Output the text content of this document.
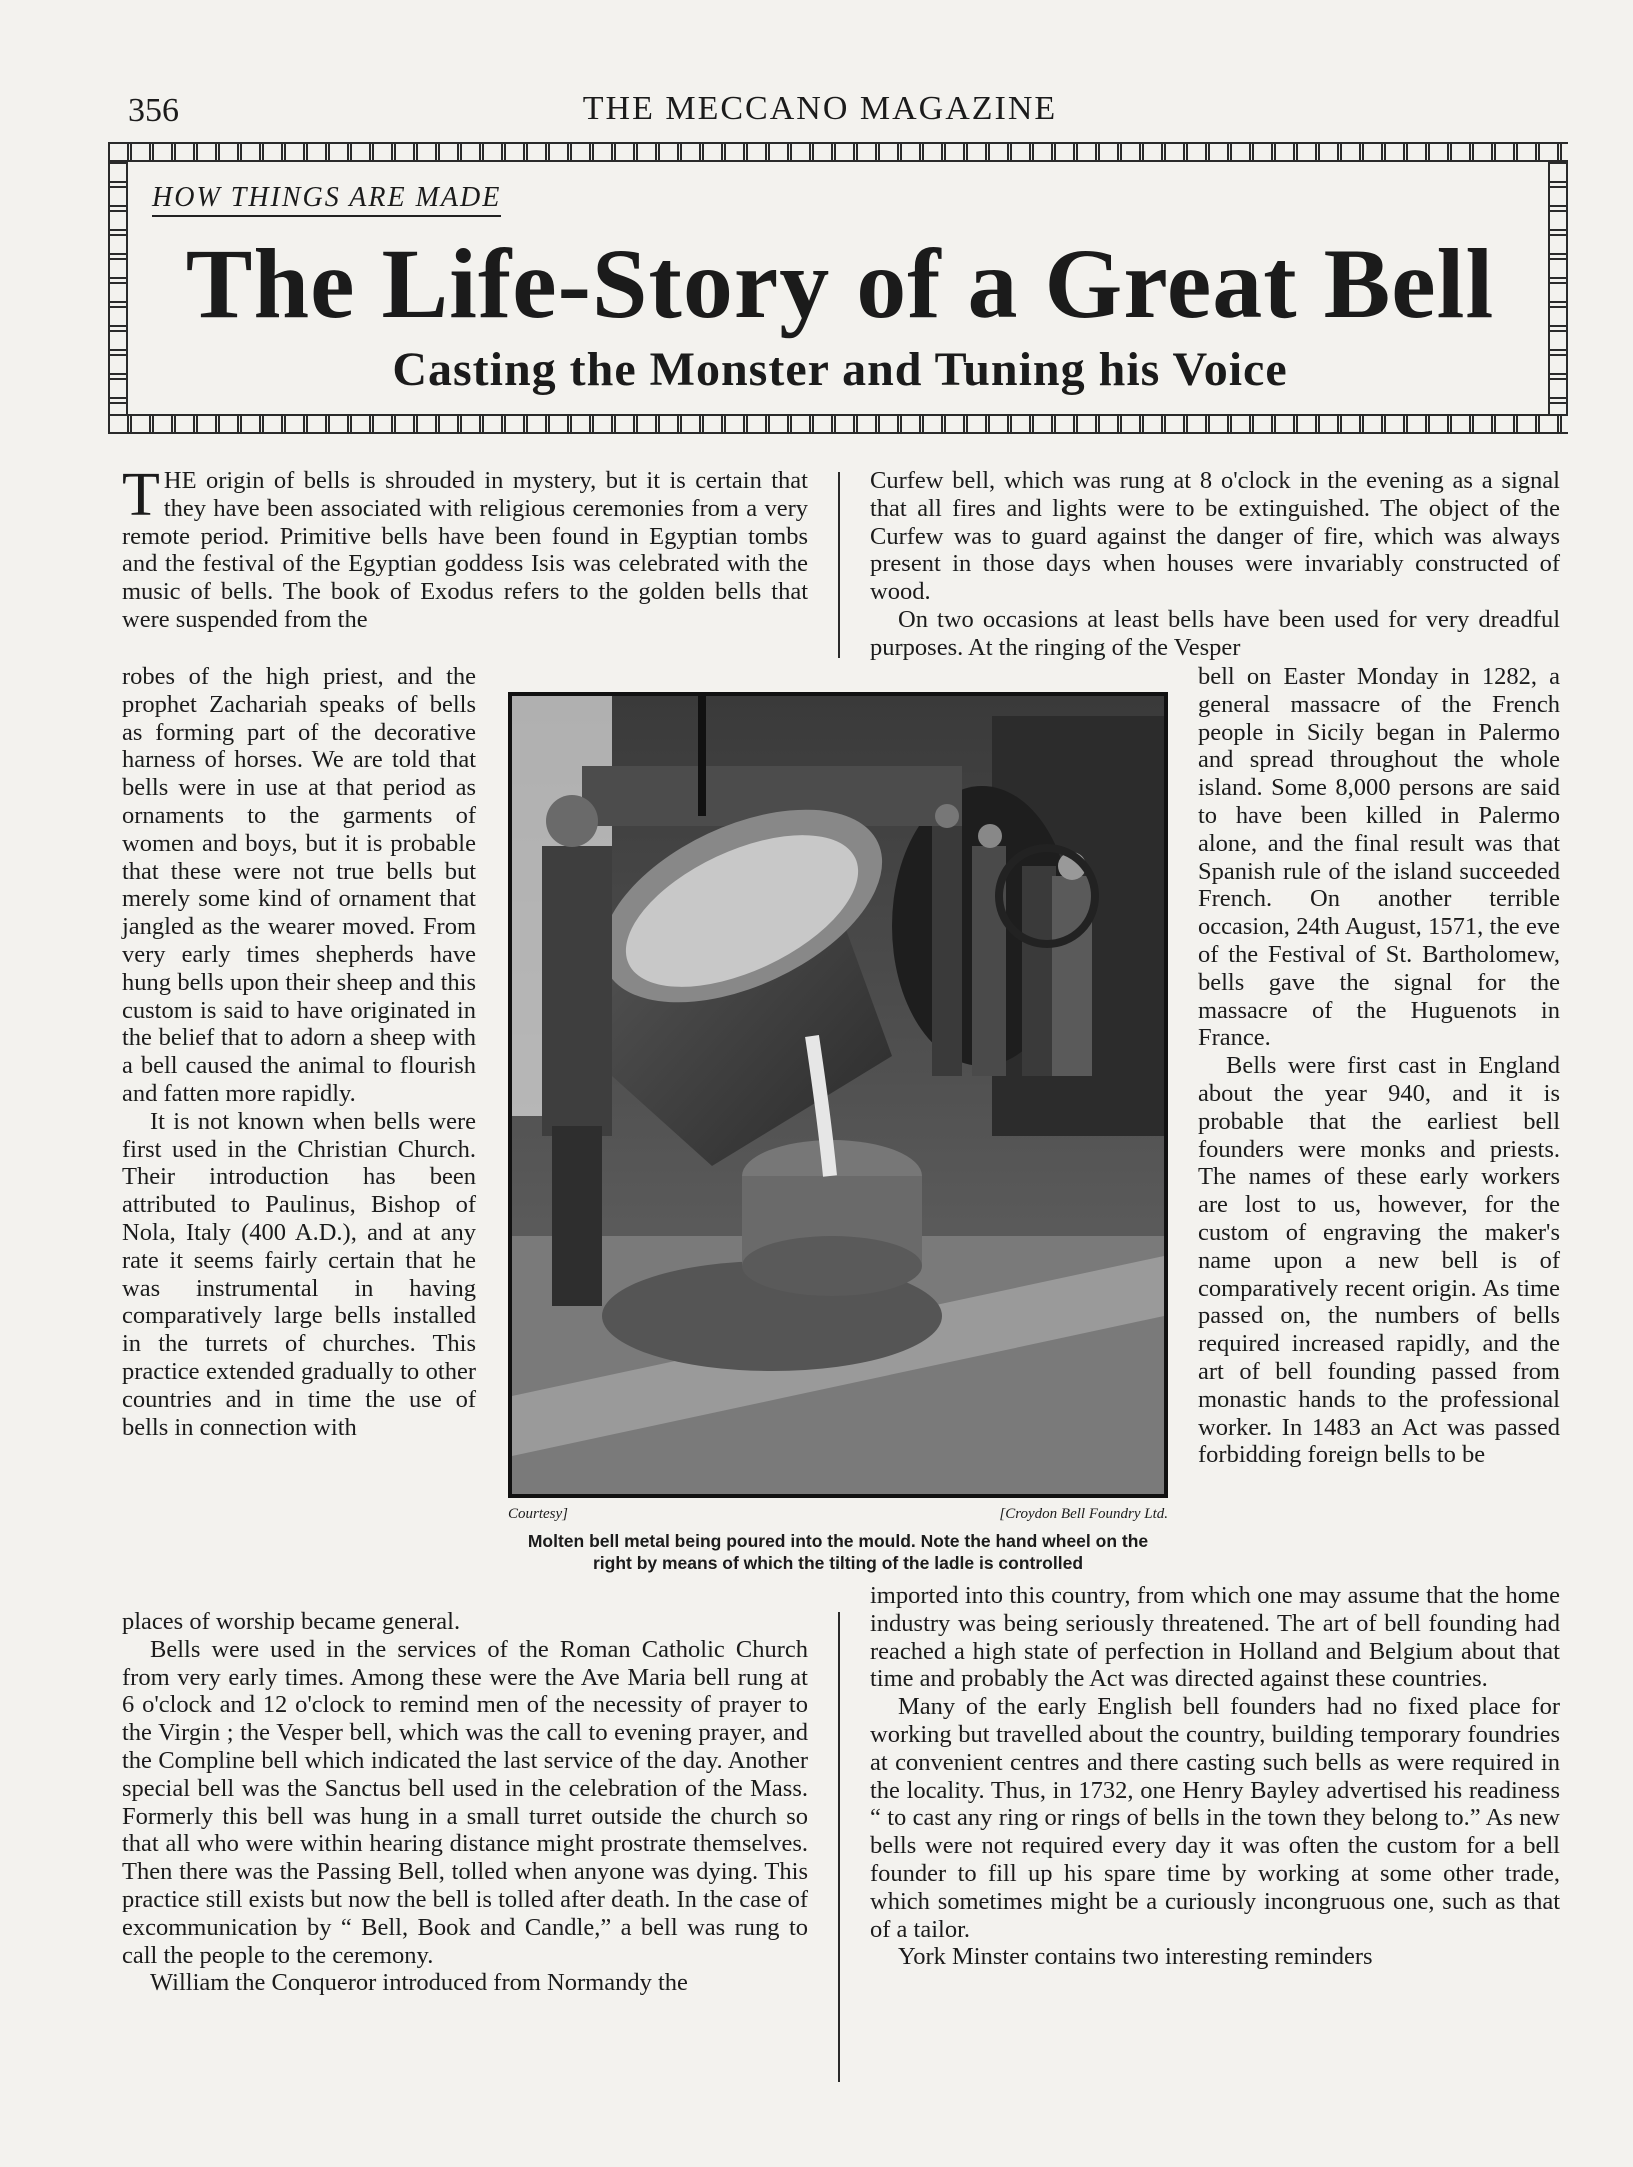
356	THE MECCANO MAGAZINE
HOW THINGS ARE MADE
The Life-Story of a Great Bell
Casting the Monster and Tuning his Voice

THE origin of bells is shrouded in mystery, but it is certain that they have been associated with religious ceremonies from a very remote period. Primitive bells have been found in Egyptian tombs and the festival of the Egyptian goddess Isis was celebrated with the music of bells. The book of Exodus refers to the golden bells that were suspended from the

Curfew bell, which was rung at 8 o'clock in the evening as a signal that all fires and lights were to be extinguished. The object of the Curfew was to guard against the danger of fire, which was always present in those days when houses were invariably constructed of wood.

On two occasions at least bells have been used for very dreadful purposes. At the ringing of the Vesper

robes of the high priest, and the prophet Zachariah speaks of bells as forming part of the decorative harness of horses. We are told that bells were in use at that period as ornaments to the garments of women and boys, but it is probable that these were not true bells but merely some kind of ornament that jangled as the wearer moved. From very early times shepherds have hung bells upon their sheep and this custom is said to have originated in the belief that to adorn a sheep with a bell caused the animal to flourish and fatten more rapidly.

It is not known when bells were first used in the Christian Church. Their introduction has been attributed to Paulinus, Bishop of Nola, Italy (400 A.D.), and at any rate it seems fairly certain that he was instrumental in having comparatively large bells installed in the turrets of churches. This practice extended gradually to other countries and in time the use of bells in connection with

bell on Easter Monday in 1282, a general massacre of the French people in Sicily began in Palermo and spread throughout the whole island. Some 8,000 persons are said to have been killed in Palermo alone, and the final result was that Spanish rule of the island succeeded French. On another terrible occasion, 24th August, 1571, the eve of the Festival of St. Bartholomew, bells gave the signal for the massacre of the Huguenots in France.

Bells were first cast in England about the year 940, and it is probable that the earliest bell founders were monks and priests. The names of these early workers are lost to us, however, for the custom of engraving the maker's name upon a new bell is of comparatively recent origin. As time passed on, the numbers of bells required increased rapidly, and the art of bell founding passed from monastic hands to the professional worker. In 1483 an Act was passed forbidding foreign bells to be

Courtesy]	[Croydon Bell Foundry Ltd.
Molten bell metal being poured into the mould. Note the hand wheel on the right by means of which the tilting of the ladle is controlled

places of worship became general.

Bells were used in the services of the Roman Catholic Church from very early times. Among these were the Ave Maria bell rung at 6 o'clock and 12 o'clock to remind men of the necessity of prayer to the Virgin ; the Vesper bell, which was the call to evening prayer, and the Compline bell which indicated the last service of the day. Another special bell was the Sanctus bell used in the celebration of the Mass. Formerly this bell was hung in a small turret outside the church so that all who were within hearing distance might prostrate themselves. Then there was the Passing Bell, tolled when anyone was dying. This practice still exists but now the bell is tolled after death. In the case of excommunication by “ Bell, Book and Candle,” a bell was rung to call the people to the ceremony.

William the Conqueror introduced from Normandy the

imported into this country, from which one may assume that the home industry was being seriously threatened. The art of bell founding had reached a high state of perfection in Holland and Belgium about that time and probably the Act was directed against these countries.

Many of the early English bell founders had no fixed place for working but travelled about the country, building temporary foundries at convenient centres and there casting such bells as were required in the locality. Thus, in 1732, one Henry Bayley advertised his readiness “ to cast any ring or rings of bells in the town they belong to.” As new bells were not required every day it was often the custom for a bell founder to fill up his spare time by working at some other trade, which sometimes might be a curiously incongruous one, such as that of a tailor.

York Minster contains two interesting reminders
